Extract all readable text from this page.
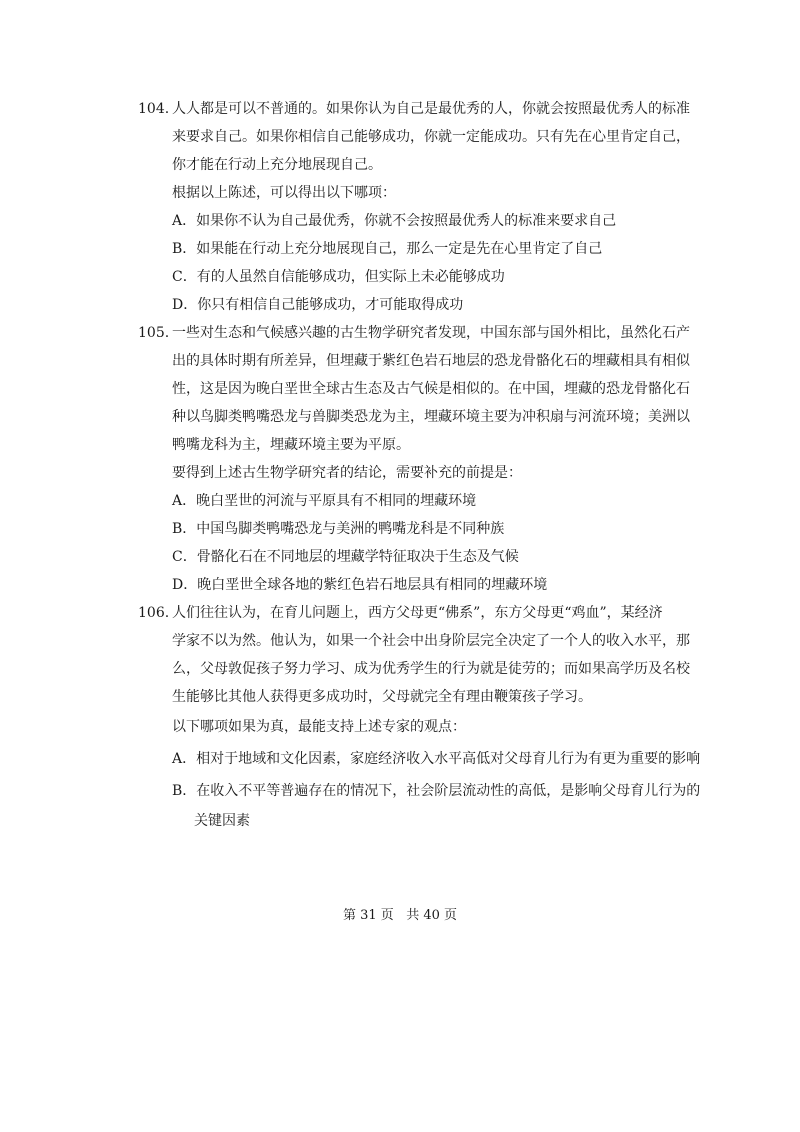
104. 人人都是可以不普通的。如果你认为自己是最优秀的人，你就会按照最优秀人的标准
来要求自己。如果你相信自己能够成功，你就一定能成功。只有先在心里肯定自己，
你才能在行动上充分地展现自己。
根据以上陈述，可以得出以下哪项：
A．如果你不认为自己最优秀，你就不会按照最优秀人的标准来要求自己
B．如果能在行动上充分地展现自己，那么一定是先在心里肯定了自己
C．有的人虽然自信能够成功，但实际上未必能够成功
D．你只有相信自己能够成功，才可能取得成功
105. 一些对生态和气候感兴趣的古生物学研究者发现，中国东部与国外相比，虽然化石产
出的具体时期有所差异，但埋藏于紫红色岩石地层的恐龙骨骼化石的埋藏相具有相似
性，这是因为晚白垩世全球古生态及古气候是相似的。在中国，埋藏的恐龙骨骼化石
种以鸟脚类鸭嘴恐龙与兽脚类恐龙为主，埋藏环境主要为冲积扇与河流环境；美洲以
鸭嘴龙科为主，埋藏环境主要为平原。
要得到上述古生物学研究者的结论，需要补充的前提是：
A．晚白垩世的河流与平原具有不相同的埋藏环境
B．中国鸟脚类鸭嘴恐龙与美洲的鸭嘴龙科是不同种族
C．骨骼化石在不同地层的埋藏学特征取决于生态及气候
D．晚白垩世全球各地的紫红色岩石地层具有相同的埋藏环境
106. 人们往往认为，在育儿问题上，西方父母更“佛系”，东方父母更“鸡血”，某经济
学家不以为然。他认为，如果一个社会中出身阶层完全决定了一个人的收入水平，那
么，父母敦促孩子努力学习、成为优秀学生的行为就是徒劳的；而如果高学历及名校
生能够比其他人获得更多成功时，父母就完全有理由鞭策孩子学习。
以下哪项如果为真，最能支持上述专家的观点：
A．相对于地域和文化因素，家庭经济收入水平高低对父母育儿行为有更为重要的影响
B．在收入不平等普遍存在的情况下，社会阶层流动性的高低，是影响父母育儿行为的
关键因素
第 31 页   共 40 页
